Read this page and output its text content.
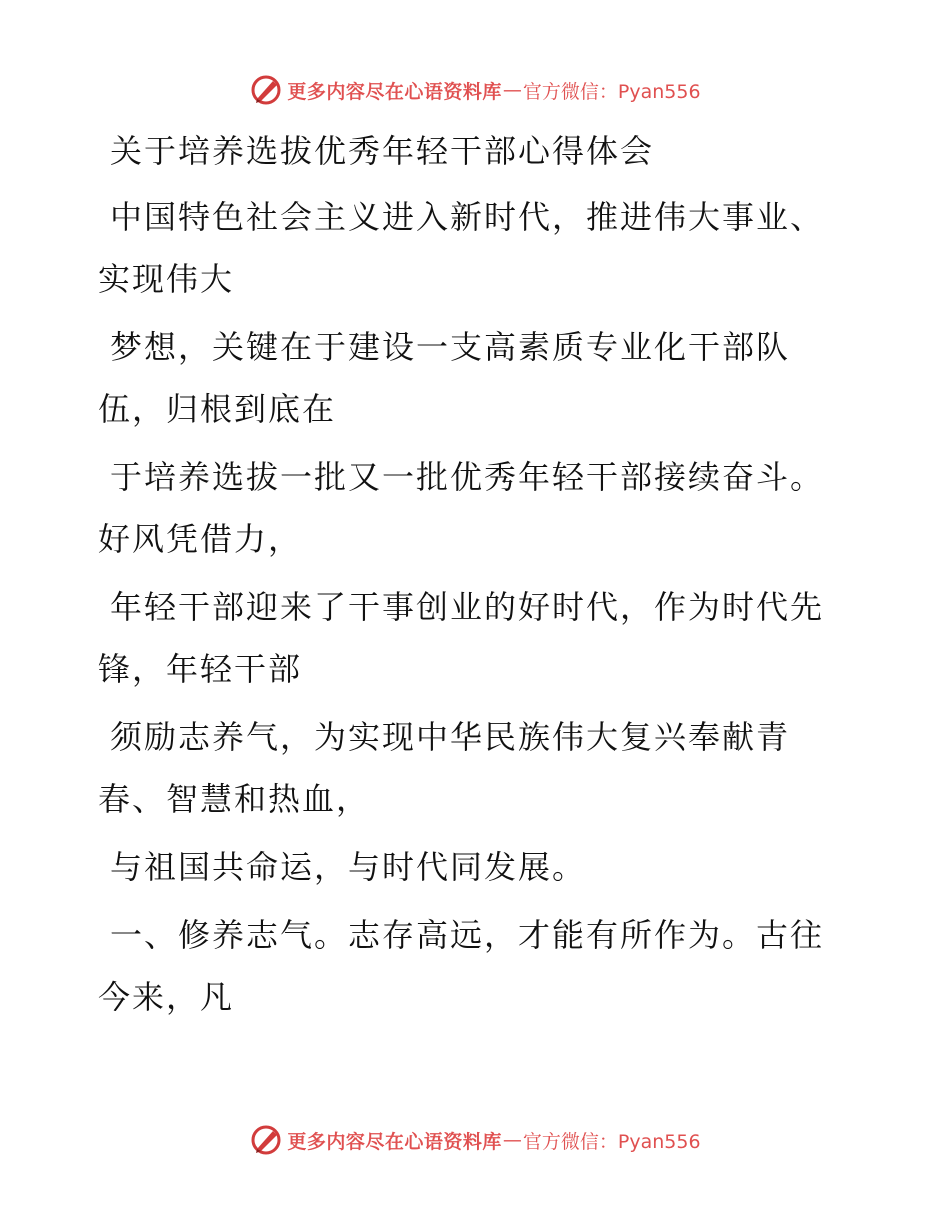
更多内容尽在心语资料库 — 官方微信：Pyan556

关于培养选拔优秀年轻干部心得体会

中国特色社会主义进入新时代，推进伟大事业、
实现伟大

梦想，关键在于建设一支高素质专业化干部队
伍，归根到底在

于培养选拔一批又一批优秀年轻干部接续奋斗。
好风凭借力，

年轻干部迎来了干事创业的好时代，作为时代先
锋，年轻干部

须励志养气，为实现中华民族伟大复兴奉献青
春、智慧和热血，

与祖国共命运，与时代同发展。

一、修养志气。志存高远，才能有所作为。古往
今来，凡

更多内容尽在心语资料库 — 官方微信：Pyan556
